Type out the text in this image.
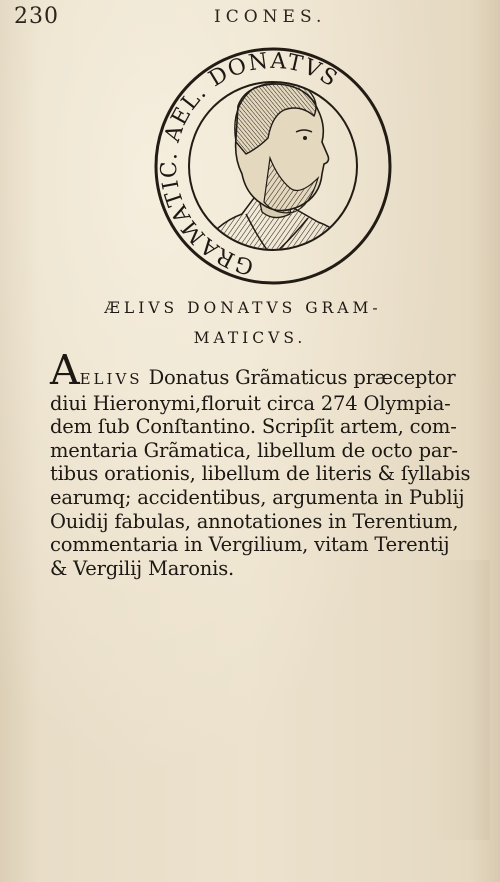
230	ICONES.
GRAMATIC. AEL. DONATVS
ÆLIVS DONATVS GRAM-
MATICVS.
AELIVS Donatus Grãmaticus præceptor
diui Hieronymi,floruit circa 274 Olympia-
dem ſub Conſtantino. Scripſit artem, com-
mentaria Grãmatica, libellum de octo par-
tibus orationis, libellum de literis & ſyllabis
earumq; accidentibus, argumenta in Publij
Ouidij fabulas, annotationes in Terentium,
commentaria in Vergilium, vitam Terentij
& Vergilij Maronis.
